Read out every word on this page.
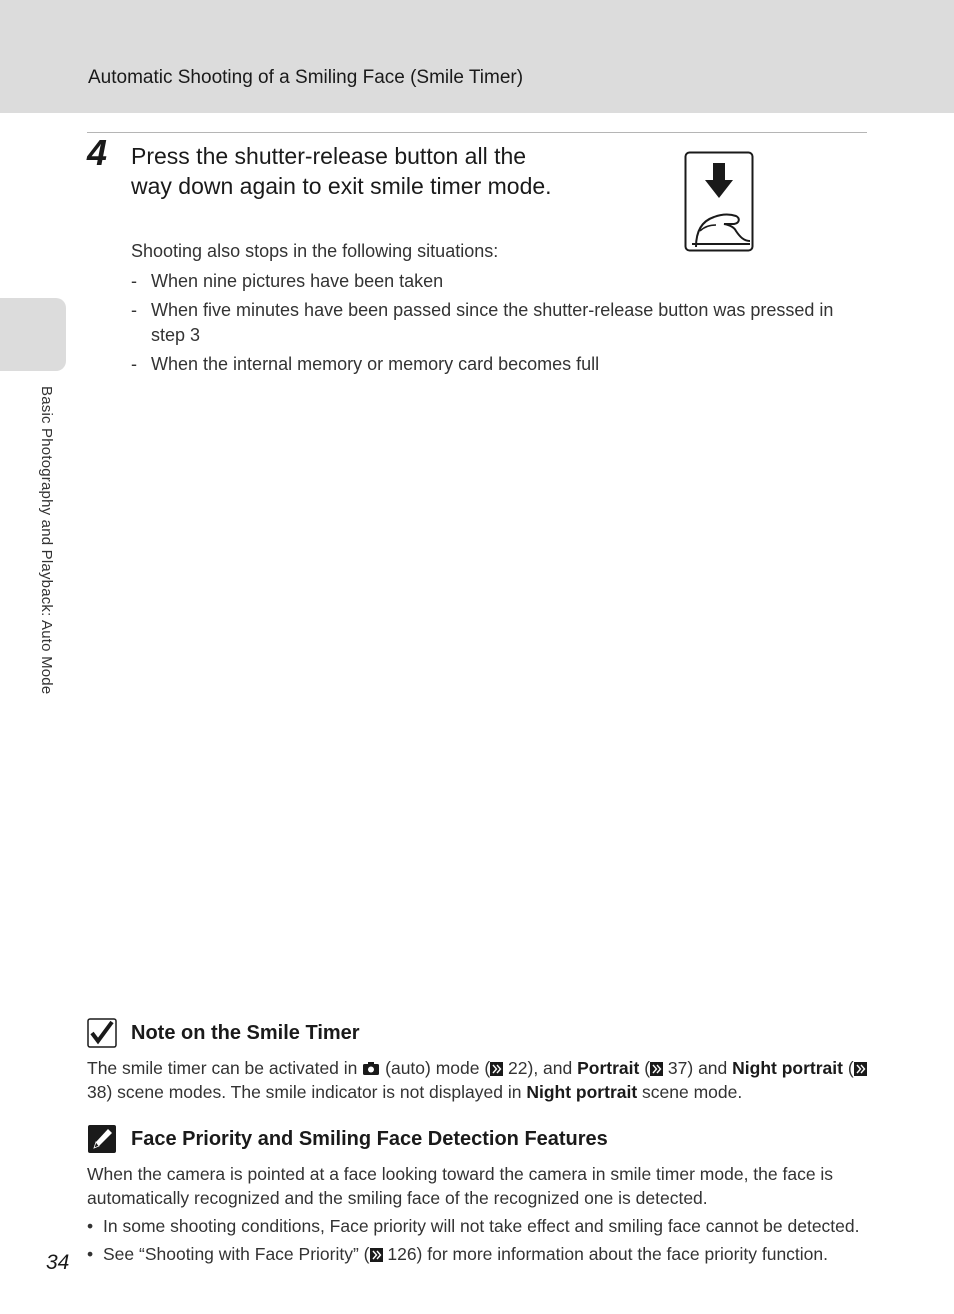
Automatic Shooting of a Smiling Face (Smile Timer)
Basic Photography and Playback: Auto Mode
4 Press the shutter-release button all the way down again to exit smile timer mode.
Shooting also stops in the following situations:
- When nine pictures have been taken
- When five minutes have been passed since the shutter-release button was pressed in step 3
- When the internal memory or memory card becomes full
Note on the Smile Timer
The smile timer can be activated in  (auto) mode ( 22), and Portrait ( 37) and Night portrait ( 38) scene modes. The smile indicator is not displayed in Night portrait scene mode.
Face Priority and Smiling Face Detection Features
When the camera is pointed at a face looking toward the camera in smile timer mode, the face is automatically recognized and the smiling face of the recognized one is detected.
• In some shooting conditions, Face priority will not take effect and smiling face cannot be detected.
• See “Shooting with Face Priority” ( 126) for more information about the face priority function.
34
